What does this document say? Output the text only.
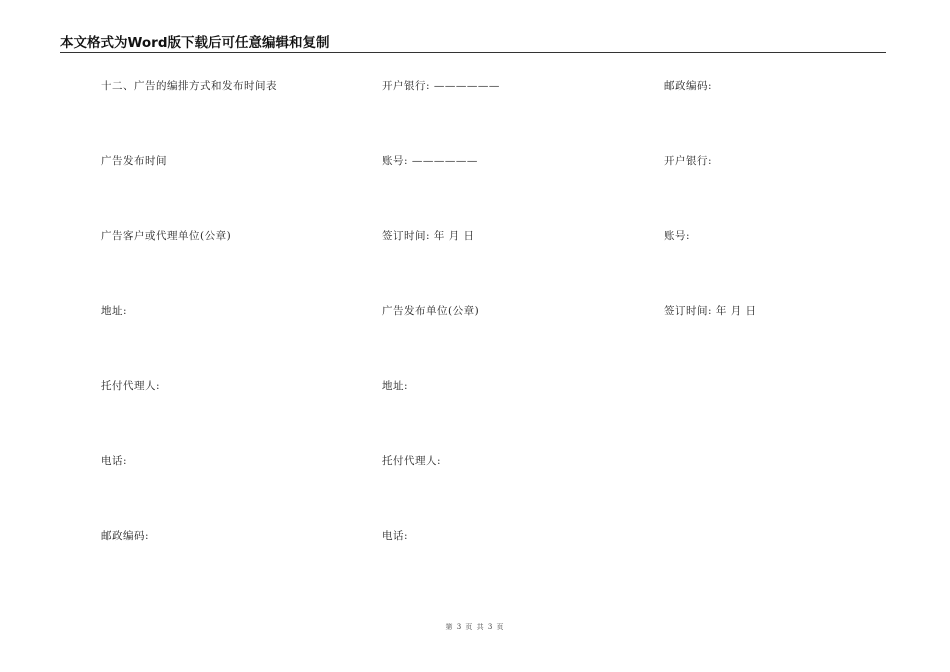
本文格式为Word版下载后可任意编辑和复制
十二、广告的编排方式和发布时间表
广告发布时间
广告客户或代理单位(公章)
地址:
托付代理人:
电话:
邮政编码:
开户银行: ——————
账号: ——————
签订时间: 年 月 日
广告发布单位(公章)
地址:
托付代理人:
电话:
邮政编码:
开户银行:
账号:
签订时间: 年 月 日
第 3 页 共 3 页
